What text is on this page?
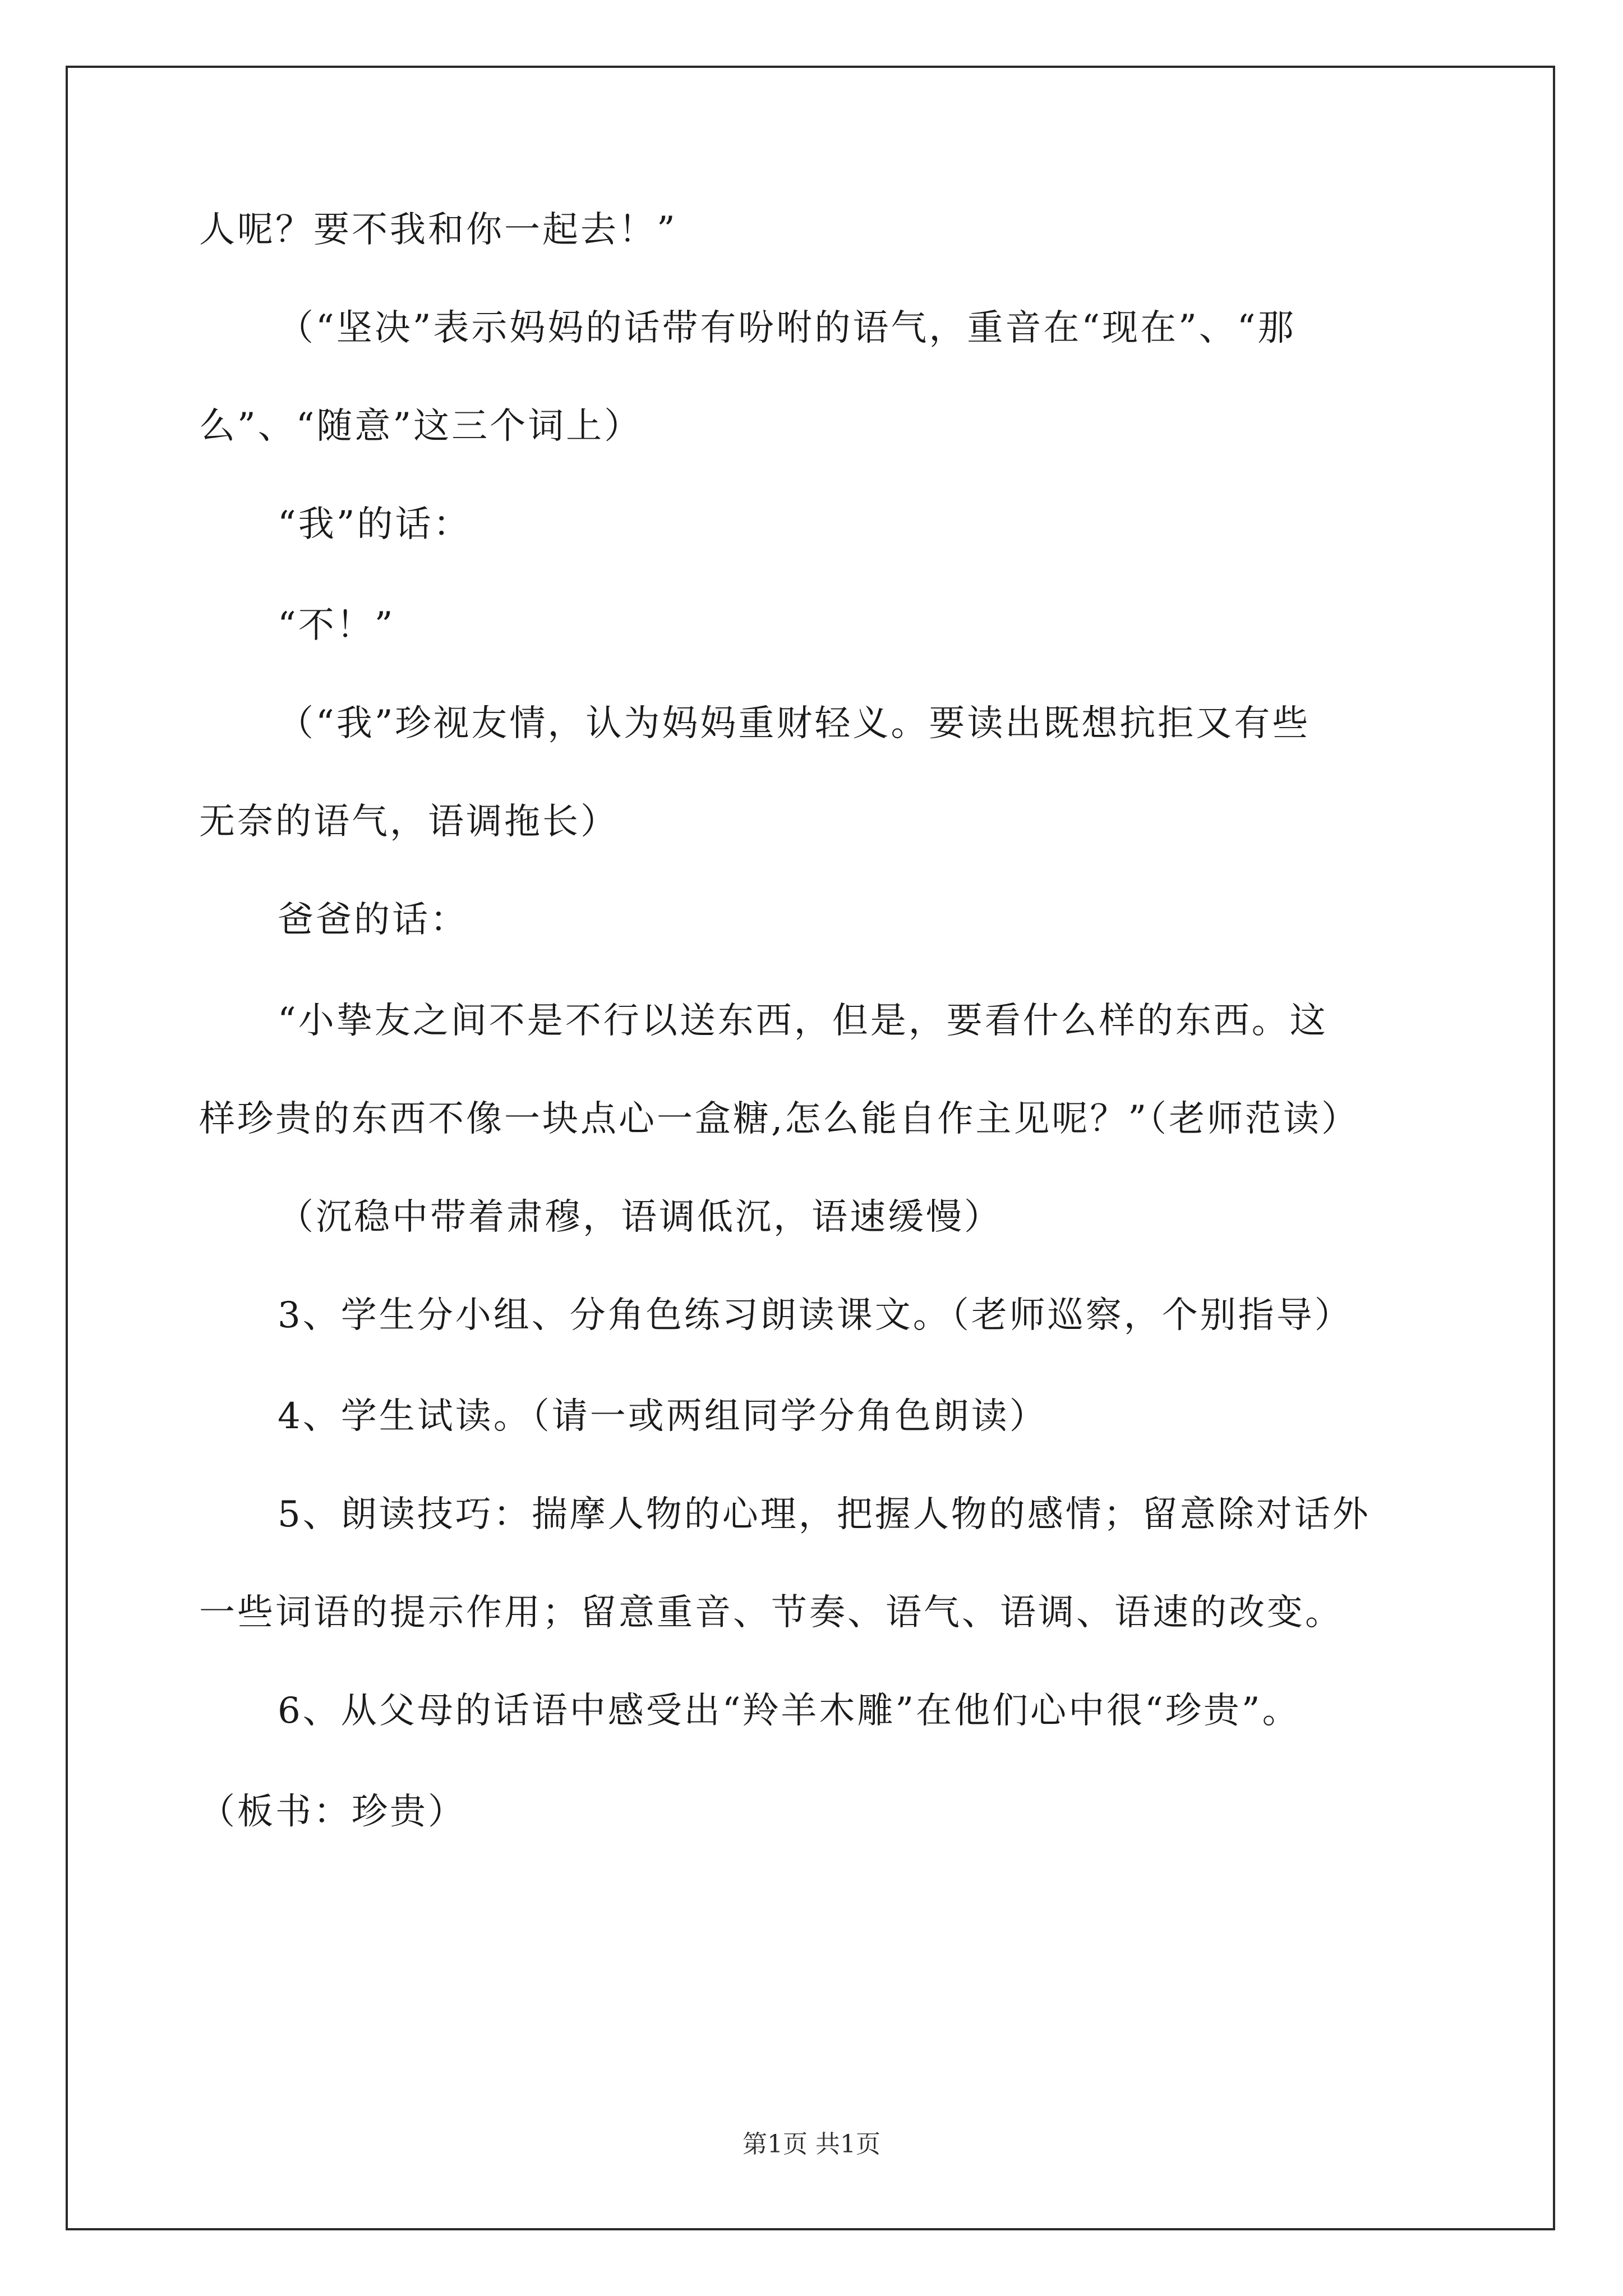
人呢？要不我和你一起去！”
（“坚决”表示妈妈的话带有吩咐的语气，重音在“现在”、“那
么”、“随意”这三个词上）
“我”的话：
“不！”
（“我”珍视友情，认为妈妈重财轻义。要读出既想抗拒又有些
无奈的语气，语调拖长）
爸爸的话：
“小挚友之间不是不行以送东西，但是，要看什么样的东西。这
样珍贵的东西不像一块点心一盒糖,怎么能自作主见呢？”（老师范读）
（沉稳中带着肃穆，语调低沉，语速缓慢）
3、学生分小组、分角色练习朗读课文。（老师巡察，个别指导）
4、学生试读。（请一或两组同学分角色朗读）
5、朗读技巧：揣摩人物的心理，把握人物的感情；留意除对话外
一些词语的提示作用；留意重音、节奏、语气、语调、语速的改变。
6、从父母的话语中感受出“羚羊木雕”在他们心中很“珍贵”。
（板书：珍贵）
第1页 共1页
